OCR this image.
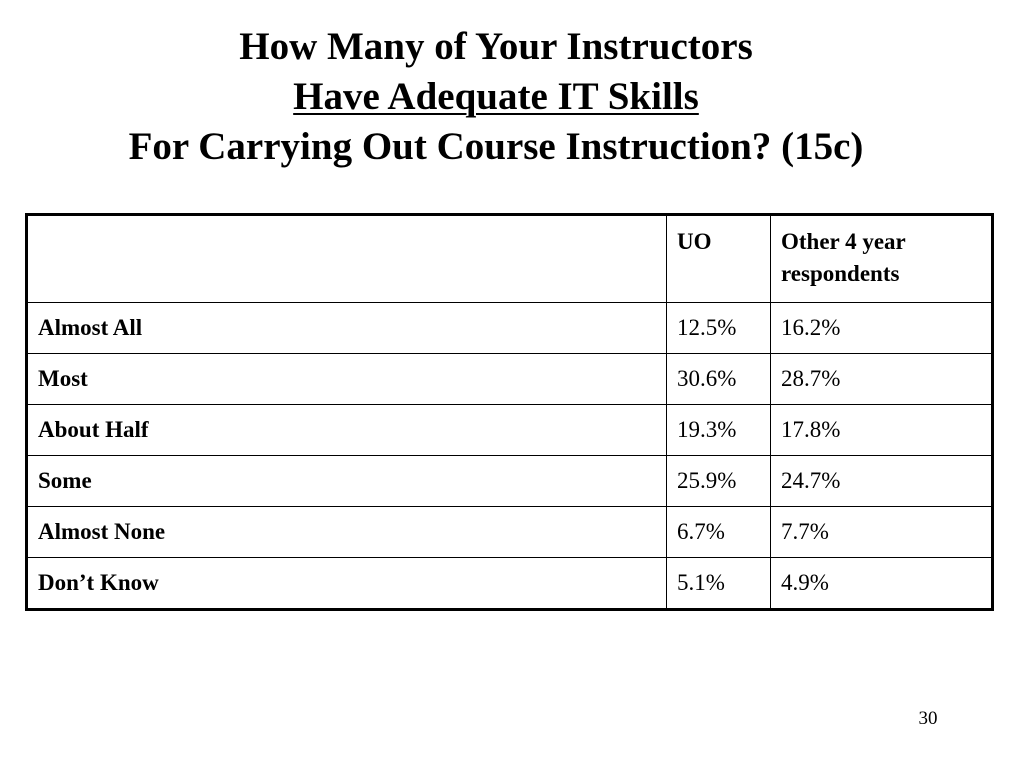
How Many of Your Instructors
Have Adequate IT Skills
For Carrying Out Course Instruction? (15c)
	UO	Other 4 year respondents
Almost All	12.5%	16.2%
Most	30.6%	28.7%
About Half	19.3%	17.8%
Some	25.9%	24.7%
Almost None	6.7%	7.7%
Don’t Know	5.1%	4.9%
30
